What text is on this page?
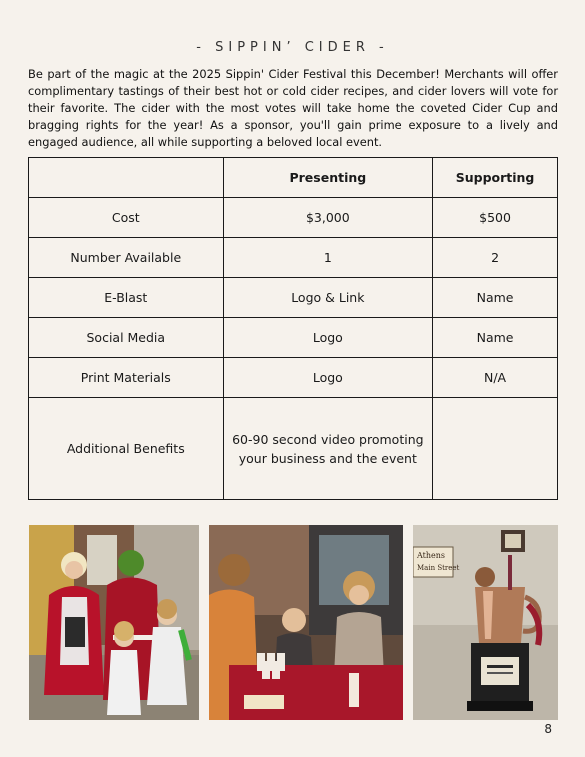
- SIPPIN’ CIDER -

Be part of the magic at the 2025 Sippin' Cider Festival this December! Merchants will offer complimentary tastings of their best hot or cold cider recipes, and cider lovers will vote for their favorite. The cider with the most votes will take home the coveted Cider Cup and bragging rights for the year! As a sponsor, you'll gain prime exposure to a lively and engaged audience, all while supporting a beloved local event.

	Presenting	Supporting
Cost	$3,000	$500
Number Available	1	2
E-Blast	Logo & Link	Name
Social Media	Logo	Name
Print Materials	Logo	N/A
Additional Benefits	60-90 second video promoting your business and the event	
Athens
Main Street
8
